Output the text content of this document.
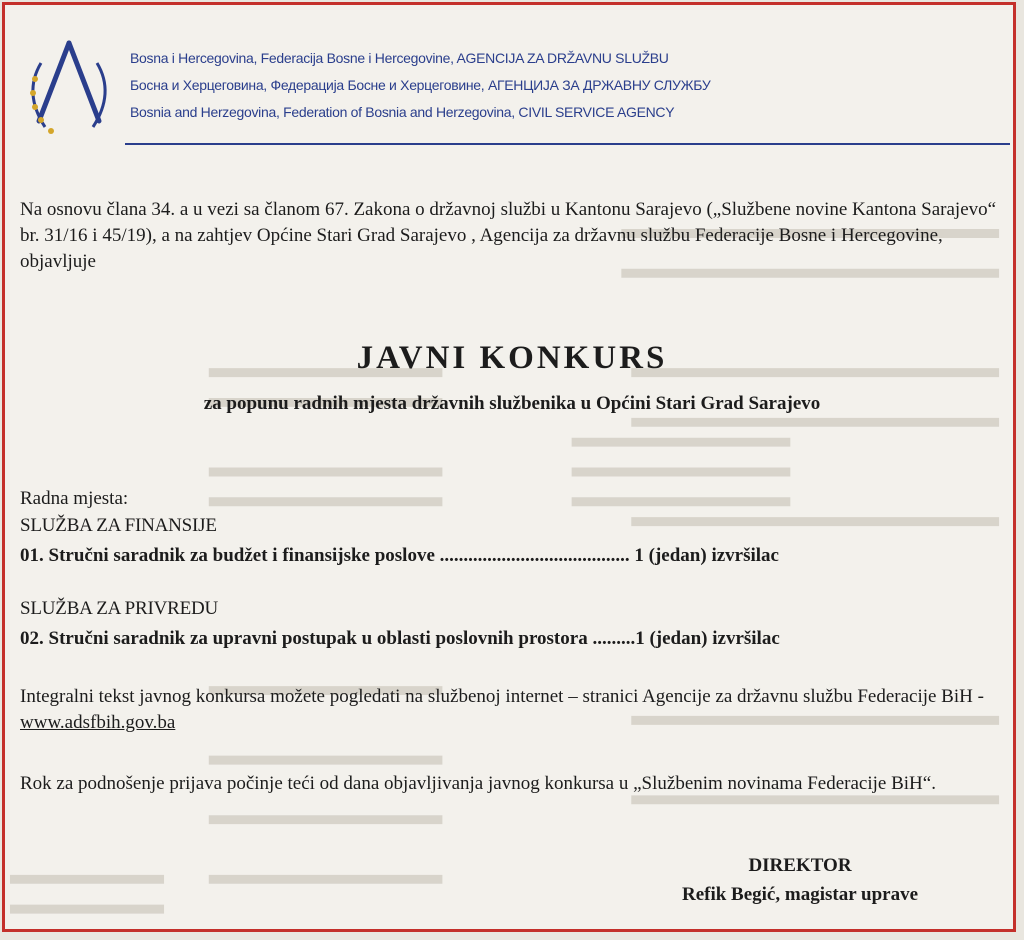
Bosna i Hercegovina, Federacija Bosne i Hercegovine, AGENCIJA ZA DRŽAVNU SLUŽBU
Босна и Херцеговина, Федерација Босне и Херцеговине, АГЕНЦИЈА ЗА ДРЖАВНУ СЛУЖБУ
Bosnia and Herzegovina, Federation of Bosnia and Herzegovina, CIVIL SERVICE AGENCY
Na osnovu člana 34. a u vezi sa članom 67. Zakona o državnoj službi u Kantonu Sarajevo („Službene novine Kantona Sarajevo“ br. 31/16 i 45/19), a na zahtjev Općine Stari Grad Sarajevo , Agencija za državnu službu Federacije Bosne i Hercegovine, objavljuje
JAVNI KONKURS
za popunu radnih mjesta državnih službenika u Općini Stari Grad Sarajevo
Radna mjesta:
SLUŽBA ZA FINANSIJE
01. Stručni saradnik za budžet i finansijske poslove ........................................ 1 (jedan) izvršilac
SLUŽBA ZA PRIVREDU
02. Stručni saradnik za upravni postupak u oblasti poslovnih prostora .........1 (jedan) izvršilac
Integralni tekst javnog konkursa možete pogledati na službenoj internet – stranici Agencije za državnu službu Federacije BiH - www.adsfbih.gov.ba
Rok za podnošenje prijava počinje teći od dana objavljivanja javnog konkursa u „Službenim novinama Federacije BiH“.
DIREKTOR
Refik Begić, magistar uprave
